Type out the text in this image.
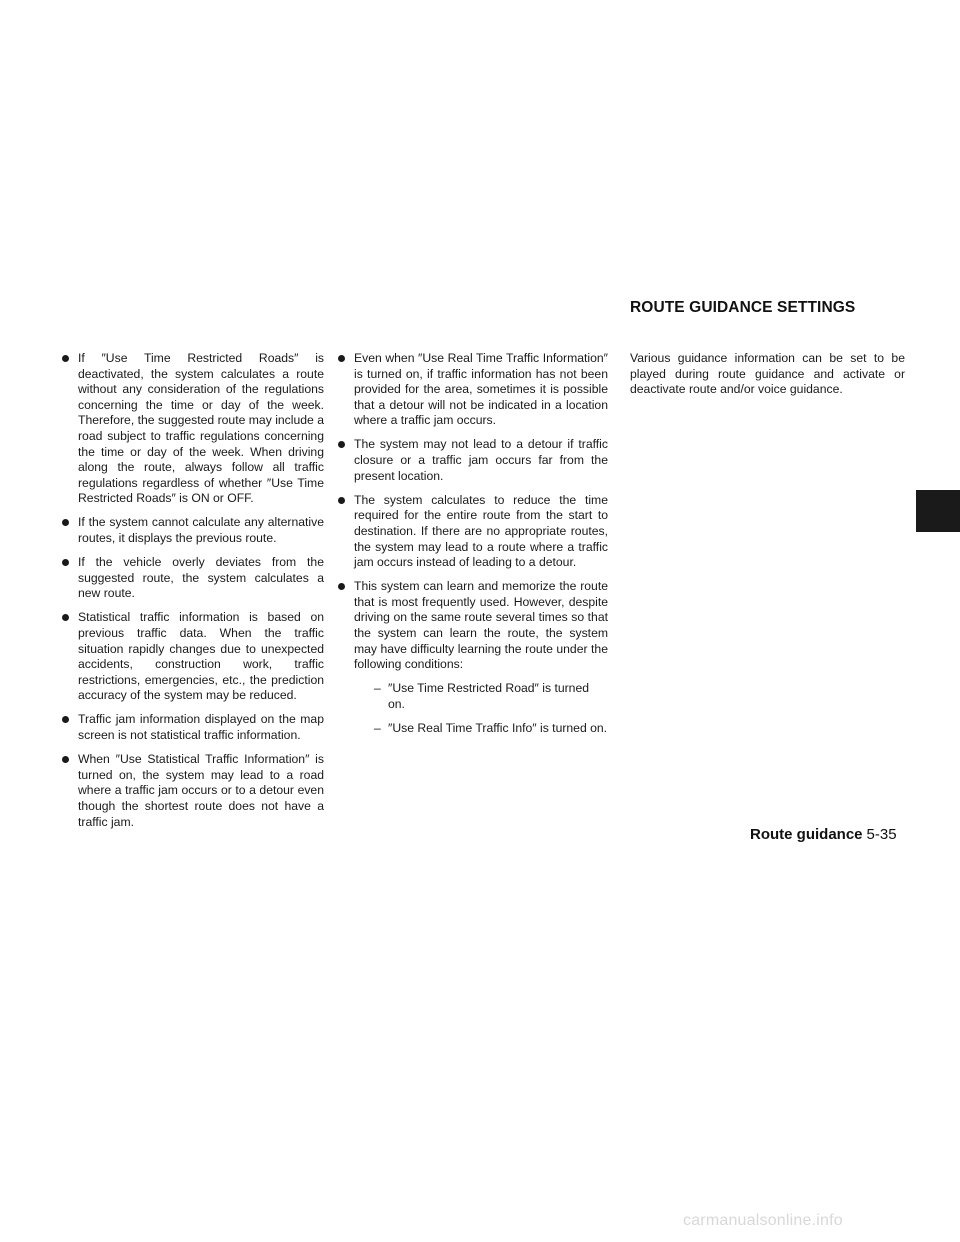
ROUTE GUIDANCE SETTINGS

If ″Use Time Restricted Roads″ is deactivated, the system calculates a route without any consideration of the regulations concerning the time or day of the week. Therefore, the suggested route may include a road subject to traffic regulations concerning the time or day of the week. When driving along the route, always follow all traffic regulations regardless of whether ″Use Time Restricted Roads″ is ON or OFF.

If the system cannot calculate any alternative routes, it displays the previous route.

If the vehicle overly deviates from the suggested route, the system calculates a new route.

Statistical traffic information is based on previous traffic data. When the traffic situation rapidly changes due to unexpected accidents, construction work, traffic restrictions, emergencies, etc., the prediction accuracy of the system may be reduced.

Traffic jam information displayed on the map screen is not statistical traffic information.

When ″Use Statistical Traffic Information″ is turned on, the system may lead to a road where a traffic jam occurs or to a detour even though the shortest route does not have a traffic jam.

Even when ″Use Real Time Traffic Information″ is turned on, if traffic information has not been provided for the area, sometimes it is possible that a detour will not be indicated in a location where a traffic jam occurs.

The system may not lead to a detour if traffic closure or a traffic jam occurs far from the present location.

The system calculates to reduce the time required for the entire route from the start to destination. If there are no appropriate routes, the system may lead to a route where a traffic jam occurs instead of leading to a detour.

This system can learn and memorize the route that is most frequently used. However, despite driving on the same route several times so that the system can learn the route, the system may have difficulty learning the route under the following conditions:

– ″Use Time Restricted Road″ is turned on.

– ″Use Real Time Traffic Info″ is turned on.

Various guidance information can be set to be played during route guidance and activate or deactivate route and/or voice guidance.

Route guidance 5-35
carmanualsonline.info
